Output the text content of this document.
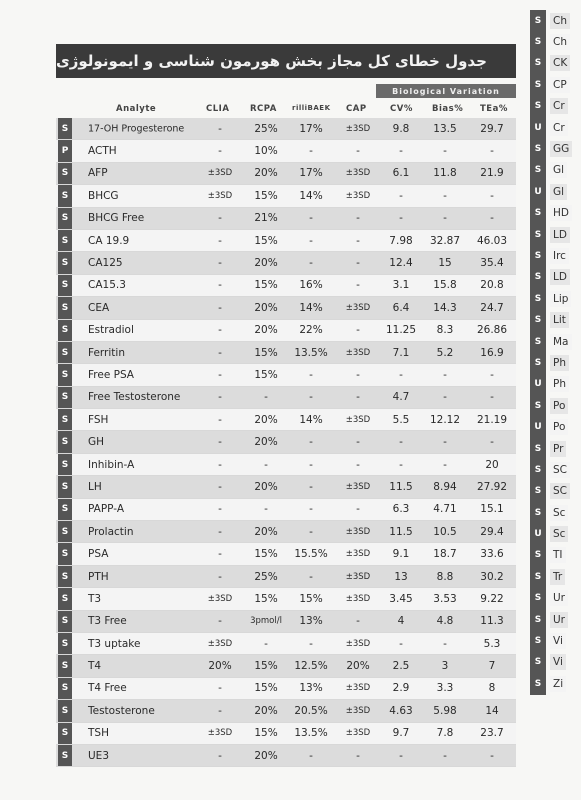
جدول خطای کل مجاز بخش هورمون شناسی و ایمونولوژی
Biological Variation
Analyte	CLIA RCPA rilliBAEK CAP	CV% Bias% TEa%
S	17-OH Progesterone	-	25%	17%	±3SD	9.8	13.5	29.7
P	ACTH	-	10%	-	-	-	-	-
S	AFP	±3SD	20%	17%	±3SD	6.1	11.8	21.9
S	BHCG	±3SD	15%	14%	±3SD	-	-	-
S	BHCG Free	-	21%	-	-	-	-	-
S	CA 19.9	-	15%	-	-	7.98	32.87	46.03
S	CA125	-	20%	-	-	12.4	15	35.4
S	CA15.3	-	15%	16%	-	3.1	15.8	20.8
S	CEA	-	20%	14%	±3SD	6.4	14.3	24.7
S	Estradiol	-	20%	22%	-	11.25	8.3	26.86
S	Ferritin	-	15%	13.5%	±3SD	7.1	5.2	16.9
S	Free PSA	-	15%	-	-	-	-	-
S	Free Testosterone	-	-	-	-	4.7	-	-
S	FSH	-	20%	14%	±3SD	5.5	12.12	21.19
S	GH	-	20%	-	-	-	-	-
S	Inhibin-A	-	-	-	-	-	-	20
S	LH	-	20%	-	±3SD	11.5	8.94	27.92
S	PAPP-A	-	-	-	-	6.3	4.71	15.1
S	Prolactin	-	20%	-	±3SD	11.5	10.5	29.4
S	PSA	-	15%	15.5%	±3SD	9.1	18.7	33.6
S	PTH	-	25%	-	±3SD	13	8.8	30.2
S	T3	±3SD	15%	15%	±3SD	3.45	3.53	9.22
S	T3 Free	-	3pmol/l	13%	-	4	4.8	11.3
S	T3 uptake	±3SD	-	-	±3SD	-	-	5.3
S	T4	20%	15%	12.5%	20%	2.5	3	7
S	T4 Free	-	15%	13%	±3SD	2.9	3.3	8
S	Testosterone	-	20%	20.5%	±3SD	4.63	5.98	14
S	TSH	±3SD	15%	13.5%	±3SD	9.7	7.8	23.7
S	UE3	-	20%	-	-	-	-	-
S	Ch
S	Ch
S	CK
S	CP
S	Cr
U	Cr
S	GG
S	Gl
U	Gl
S	HD
S	LD
S	Irc
S	LD
S	Lip
S	Lit
S	Ma
S	Ph
U	Ph
S	Po
U	Po
S	Pr
S	SC
S	SC
S	Sc
U	Sc
S	TI
S	Tr
S	Ur
S	Ur
S	Vi
S	Vi
S	Zi
